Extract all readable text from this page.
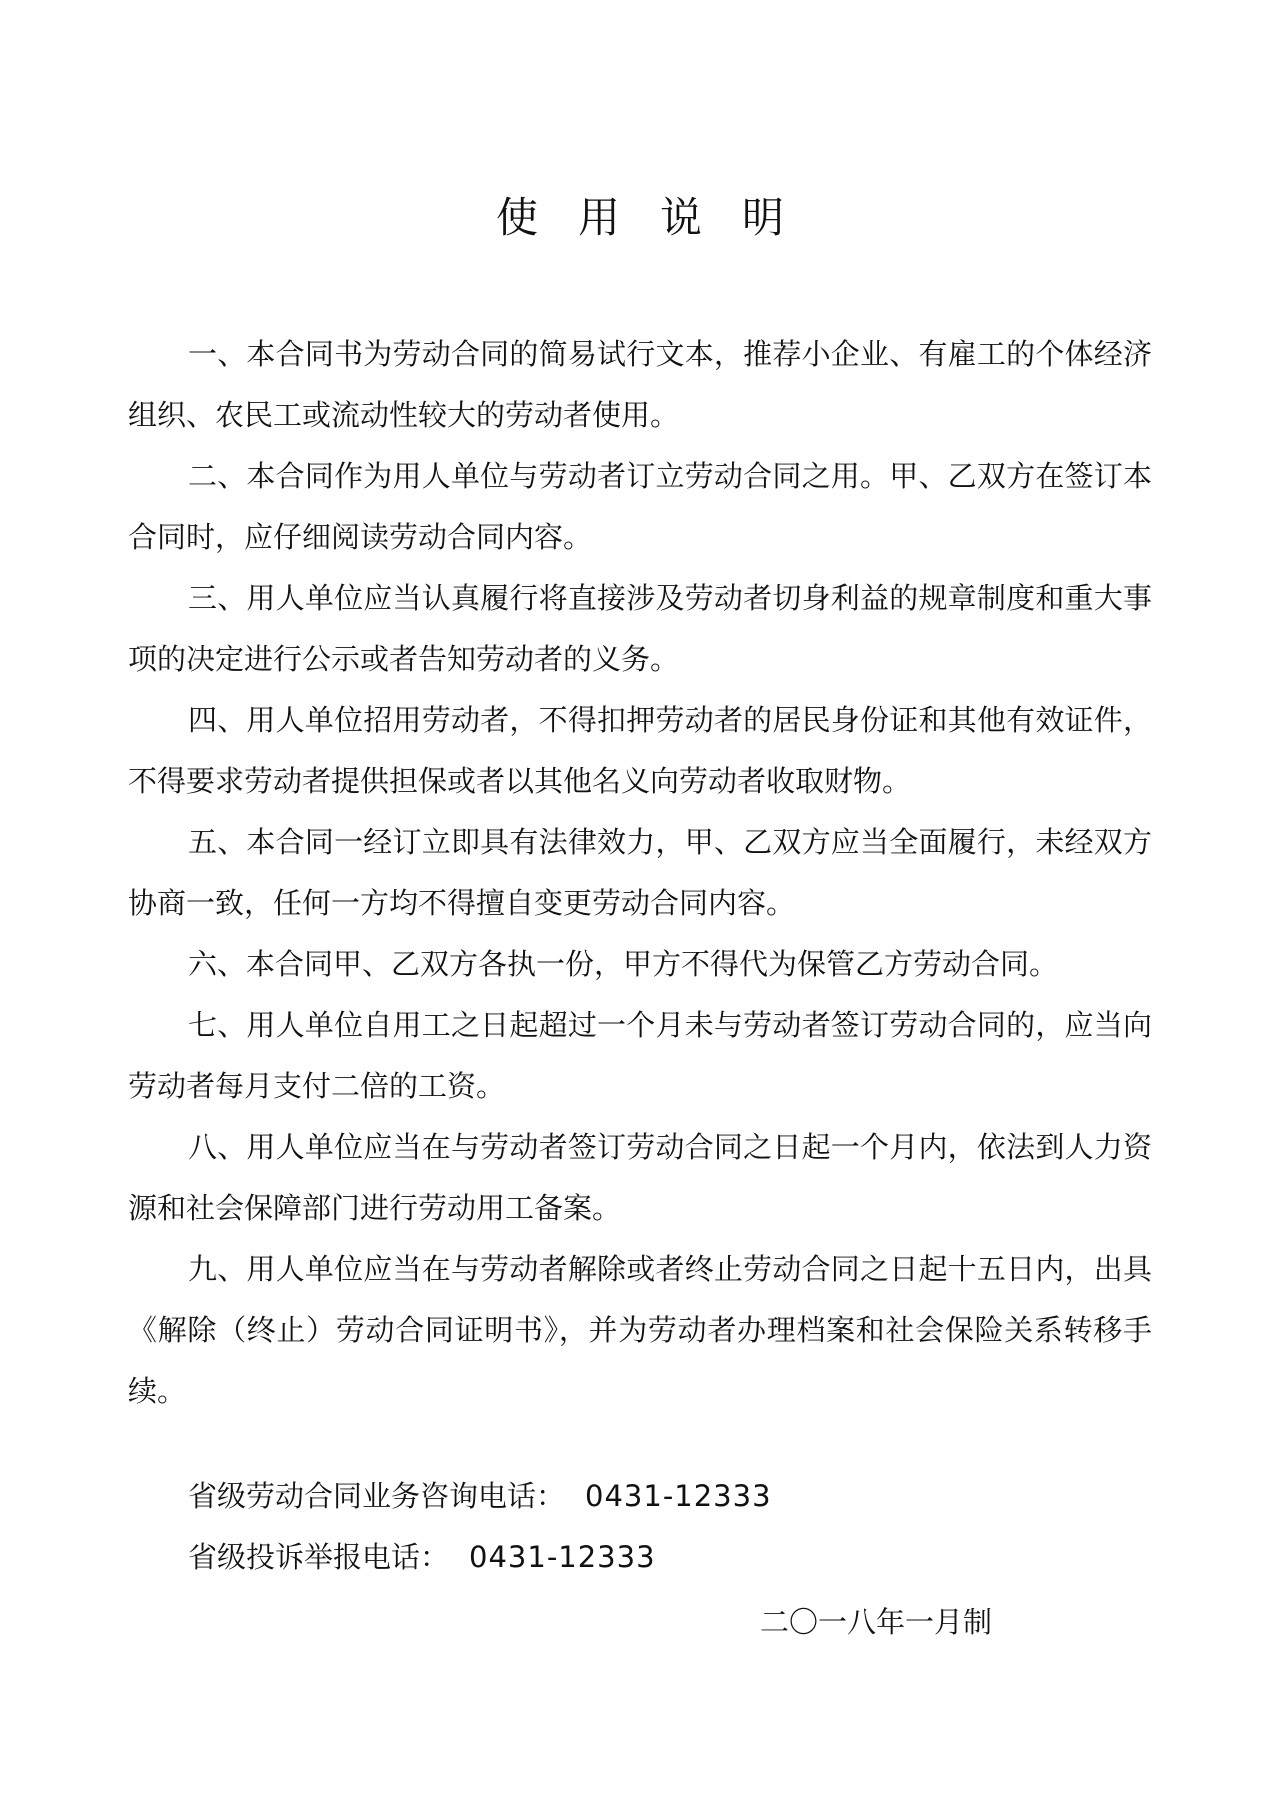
使用说明

一、本合同书为劳动合同的简易试行文本，推荐小企业、有雇工的个体经济组织、农民工或流动性较大的劳动者使用。

二、本合同作为用人单位与劳动者订立劳动合同之用。甲、乙双方在签订本合同时，应仔细阅读劳动合同内容。

三、用人单位应当认真履行将直接涉及劳动者切身利益的规章制度和重大事项的决定进行公示或者告知劳动者的义务。

四、用人单位招用劳动者，不得扣押劳动者的居民身份证和其他有效证件，不得要求劳动者提供担保或者以其他名义向劳动者收取财物。

五、本合同一经订立即具有法律效力，甲、乙双方应当全面履行，未经双方协商一致，任何一方均不得擅自变更劳动合同内容。

六、本合同甲、乙双方各执一份，甲方不得代为保管乙方劳动合同。

七、用人单位自用工之日起超过一个月未与劳动者签订劳动合同的，应当向劳动者每月支付二倍的工资。

八、用人单位应当在与劳动者签订劳动合同之日起一个月内，依法到人力资源和社会保障部门进行劳动用工备案。

九、用人单位应当在与劳动者解除或者终止劳动合同之日起十五日内，出具《解除（终止）劳动合同证明书》，并为劳动者办理档案和社会保险关系转移手续。

省级劳动合同业务咨询电话： 0431-12333
省级投诉举报电话： 0431-12333
二〇一八年一月制
